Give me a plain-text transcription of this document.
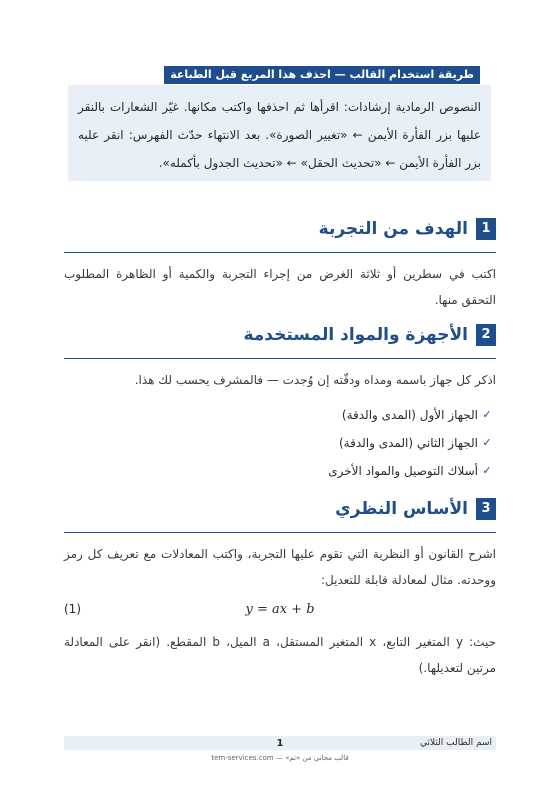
طريقة استخدام القالب — احذف هذا المربع قبل الطباعة
النصوص الرمادية إرشادات: اقرأها ثم احذفها واكتب مكانها. غيّر الشعارات بالنقر عليها بزر الفأرة الأيمن ← «تغيير الصورة». بعد الانتهاء حدّث الفهرس: انقر عليه بزر الفأرة الأيمن ← «تحديث الحقل» ← «تحديث الجدول بأكمله».
1
الهدف من التجربة

اكتب في سطرين أو ثلاثة الغرض من إجراء التجربة والكمية أو الظاهرة المطلوب التحقق منها.

2
الأجهزة والمواد المستخدمة

اذكر كل جهاز باسمه ومداه ودقّته إن وُجدت — فالمشرف يحسب لك هذا.

✓
الجهاز الأول (المدى والدقة)
✓
الجهاز الثاني (المدى والدقة)
✓
أسلاك التوصيل والمواد الأخرى
3
الأساس النظري

اشرح القانون أو النظرية التي تقوم عليها التجربة، واكتب المعادلات مع تعريف كل رمز ووحدته. مثال لمعادلة قابلة للتعديل:

y = ax + b
(1)

حيث: y المتغير التابع، x المتغير المستقل، a الميل، b المقطع. (انقر على المعادلة مرتين لتعديلها.)

اسم الطالب الثلاثي
1
قالب مجاني من «تم» — tem-services.com
